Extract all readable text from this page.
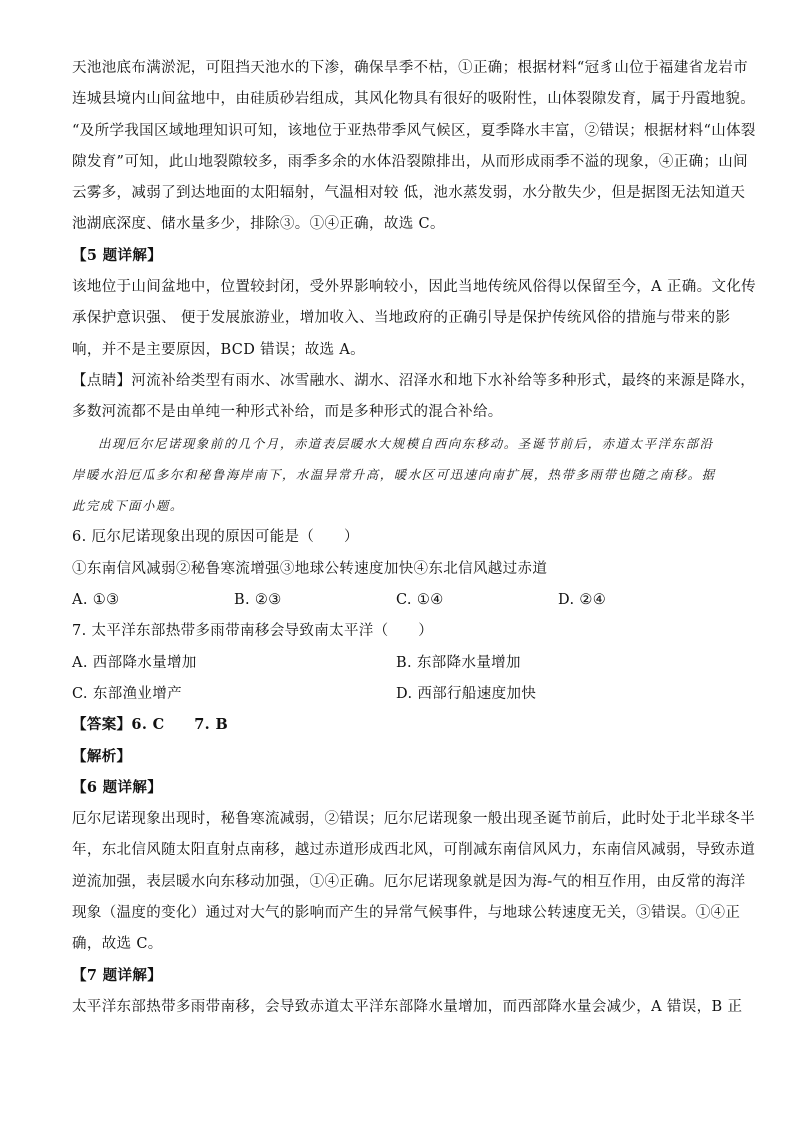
天池池底布满淤泥，可阻挡天池水的下渗，确保旱季不枯，①正确；根据材料“冠豸山位于福建省龙岩市
连城县境内山间盆地中，由硅质砂岩组成，其风化物具有很好的吸附性，山体裂隙发育，属于丹霞地貌。
“及所学我国区域地理知识可知，该地位于亚热带季风气候区，夏季降水丰富，②错误；根据材料“山体裂
隙发育”可知，此山地裂隙较多，雨季多余的水体沿裂隙排出，从而形成雨季不溢的现象，④正确；山间
云雾多，减弱了到达地面的太阳辐射，气温相对较 低，池水蒸发弱，水分散失少，但是据图无法知道天
池湖底深度、储水量多少，排除③。①④正确，故选 C。
【5 题详解】
该地位于山间盆地中，位置较封闭，受外界影响较小，因此当地传统风俗得以保留至今，A 正确。文化传
承保护意识强、 便于发展旅游业，增加收入、当地政府的正确引导是保护传统风俗的措施与带来的影
响，并不是主要原因，BCD 错误；故选 A。
【点睛】河流补给类型有雨水、冰雪融水、湖水、沼泽水和地下水补给等多种形式，最终的来源是降水，
多数河流都不是由单纯一种形式补给，而是多种形式的混合补给。
出现厄尔尼诺现象前的几个月，赤道表层暖水大规模自西向东移动。圣诞节前后，赤道太平洋东部沿
岸暖水沿厄瓜多尔和秘鲁海岸南下，水温异常升高，暖水区可迅速向南扩展，热带多雨带也随之南移。据
此完成下面小题。
6. 厄尔尼诺现象出现的原因可能是（　　）
①东南信风减弱②秘鲁寒流增强③地球公转速度加快④东北信风越过赤道
A. ①③	B. ②③	C. ①④	D. ②④
7. 太平洋东部热带多雨带南移会导致南太平洋（　　）
A. 西部降水量增加	B. 东部降水量增加
C. 东部渔业增产	D. 西部行船速度加快
【答案】6. C　　7. B
【解析】
【6 题详解】
厄尔尼诺现象出现时，秘鲁寒流减弱，②错误；厄尔尼诺现象一般出现圣诞节前后，此时处于北半球冬半
年，东北信风随太阳直射点南移，越过赤道形成西北风，可削减东南信风风力，东南信风减弱，导致赤道
逆流加强，表层暖水向东移动加强，①④正确。厄尔尼诺现象就是因为海-气的相互作用，由反常的海洋
现象（温度的变化）通过对大气的影响而产生的异常气候事件，与地球公转速度无关，③错误。①④正
确，故选 C。
【7 题详解】
太平洋东部热带多雨带南移，会导致赤道太平洋东部降水量增加，而西部降水量会减少，A 错误，B 正
